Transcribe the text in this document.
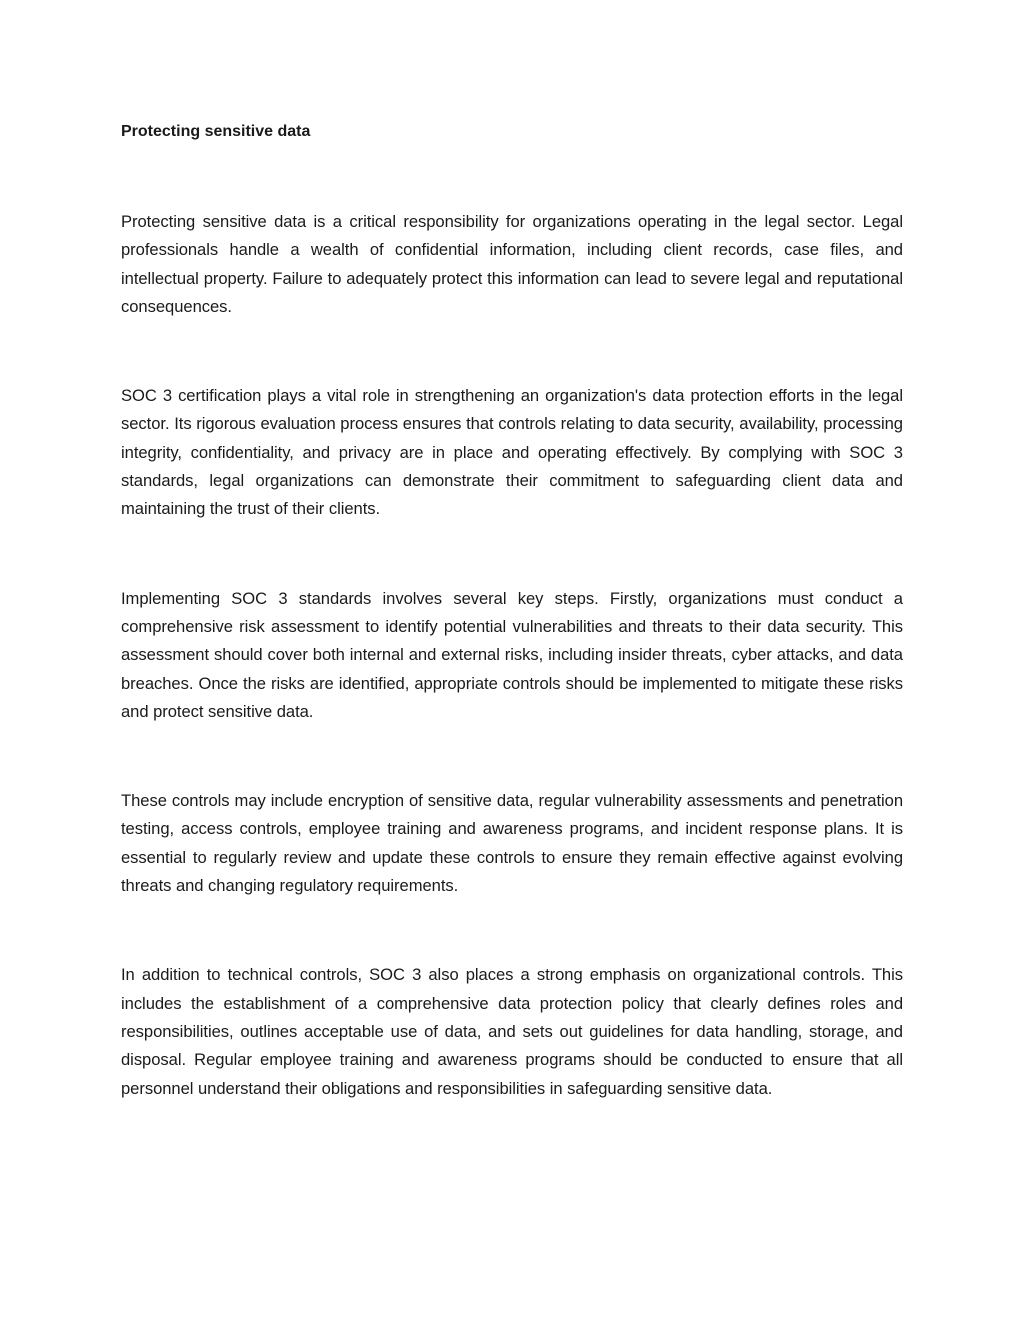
Protecting sensitive data

Protecting sensitive data is a critical responsibility for organizations operating in the legal sector. Legal professionals handle a wealth of confidential information, including client records, case files, and intellectual property. Failure to adequately protect this information can lead to severe legal and reputational consequences.

SOC 3 certification plays a vital role in strengthening an organization's data protection efforts in the legal sector. Its rigorous evaluation process ensures that controls relating to data security, availability, processing integrity, confidentiality, and privacy are in place and operating effectively. By complying with SOC 3 standards, legal organizations can demonstrate their commitment to safeguarding client data and maintaining the trust of their clients.

Implementing SOC 3 standards involves several key steps. Firstly, organizations must conduct a comprehensive risk assessment to identify potential vulnerabilities and threats to their data security. This assessment should cover both internal and external risks, including insider threats, cyber attacks, and data breaches. Once the risks are identified, appropriate controls should be implemented to mitigate these risks and protect sensitive data.

These controls may include encryption of sensitive data, regular vulnerability assessments and penetration testing, access controls, employee training and awareness programs, and incident response plans. It is essential to regularly review and update these controls to ensure they remain effective against evolving threats and changing regulatory requirements.

In addition to technical controls, SOC 3 also places a strong emphasis on organizational controls. This includes the establishment of a comprehensive data protection policy that clearly defines roles and responsibilities, outlines acceptable use of data, and sets out guidelines for data handling, storage, and disposal. Regular employee training and awareness programs should be conducted to ensure that all personnel understand their obligations and responsibilities in safeguarding sensitive data.
